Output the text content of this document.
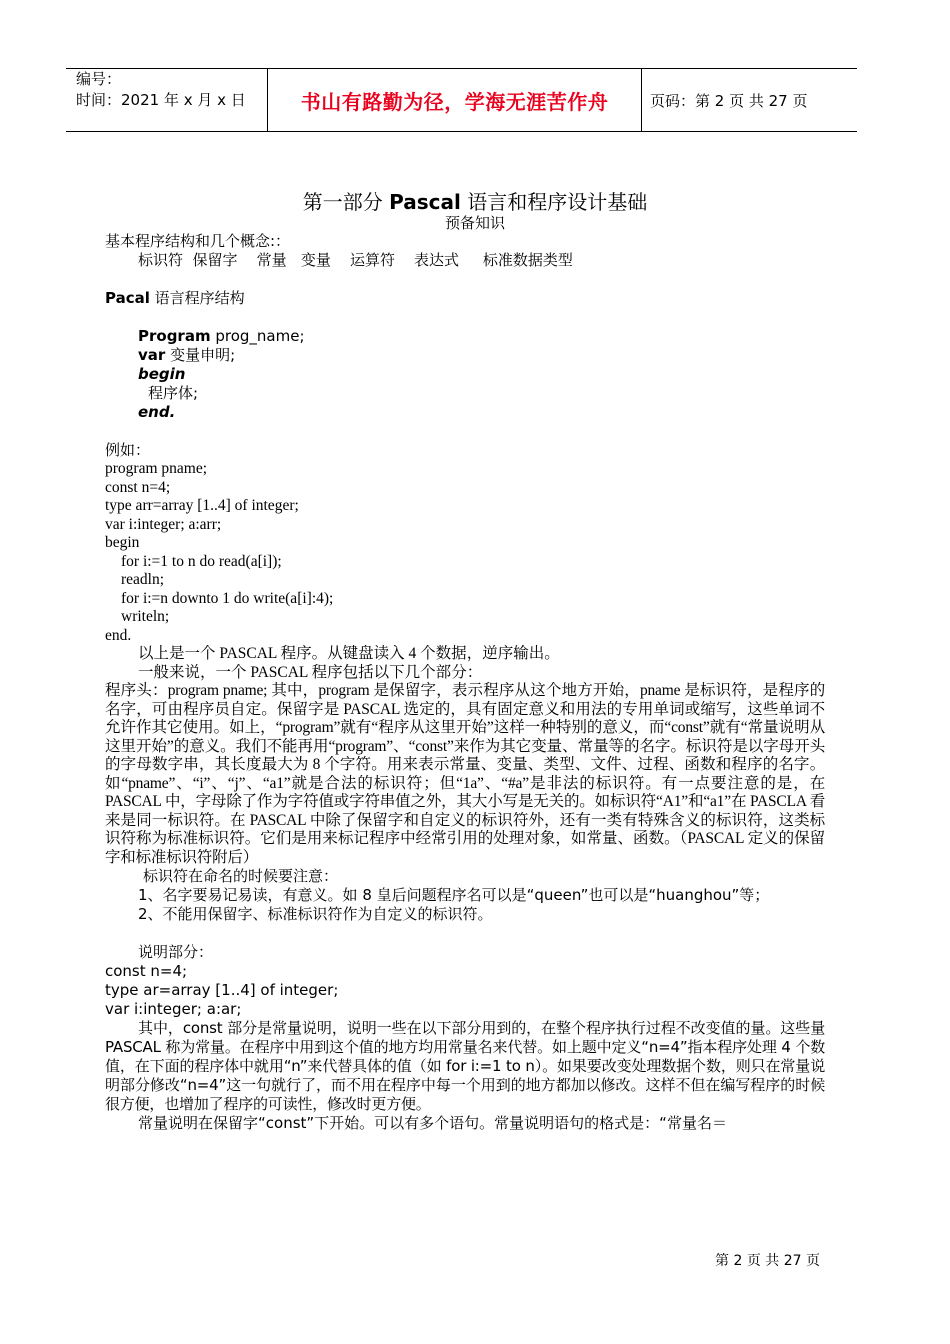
编号：
时间：2021 年 x 月 x 日	书山有路勤为径，学海无涯苦作舟	页码：第 2 页 共 27 页
第一部分 Pascal 语言和程序设计基础
预备知识

基本程序结构和几个概念:：

标识符  保留字    常量   变量    运算符    表达式     标准数据类型

Pacal 语言程序结构

Program prog_name;

var 变量申明;

begin

程序体;

end.

例如：

program pname;
const n=4;
type arr=array [1..4] of integer;
var i:integer; a:arr;
begin
for i:=1 to n do read(a[i]);
readln;
for i:=n downto 1 do write(a[i]:4);
writeln;
end.

以上是一个 PASCAL 程序。从键盘读入 4 个数据，逆序输出。

一般来说，一个 PASCAL 程序包括以下几个部分：

程序头：program pname; 其中，program 是保留字，表示程序从这个地方开始，pname 是标识符，是程序的名字，可由程序员自定。保留字是 PASCAL 选定的，具有固定意义和用法的专用单词或缩写，这些单词不允许作其它使用。如上，“program”就有“程序从这里开始”这样一种特别的意义，而“const”就有“常量说明从这里开始”的意义。我们不能再用“program”、“const”来作为其它变量、常量等的名字。标识符是以字母开头的字母数字串，其长度最大为 8 个字符。用来表示常量、变量、类型、文件、过程、函数和程序的名字。如“pname”、“i”、“j”、“a1”就是合法的标识符；但“1a”、“#a”是非法的标识符。有一点要注意的是，在 PASCAL 中，字母除了作为字符值或字符串值之外，其大小写是无关的。如标识符“A1”和“a1”在 PASCLA 看来是同一标识符。在 PASCAL 中除了保留字和自定义的标识符外，还有一类有特殊含义的标识符，这类标识符称为标准标识符。它们是用来标记程序中经常引用的处理对象，如常量、函数。（PASCAL 定义的保留字和标准标识符附后）

标识符在命名的时候要注意：

1、名字要易记易读，有意义。如 8 皇后问题程序名可以是“queen”也可以是“huanghou”等；

2、不能用保留字、标准标识符作为自定义的标识符。

说明部分：

const n=4;

type ar=array [1..4] of integer;

var i:integer; a:ar;

其中，const 部分是常量说明，说明一些在以下部分用到的，在整个程序执行过程不改变值的量。这些量 PASCAL 称为常量。在程序中用到这个值的地方均用常量名来代替。如上题中定义“n=4”指本程序处理 4 个数值，在下面的程序体中就用“n”来代替具体的值（如 for i:=1 to n）。如果要改变处理数据个数，则只在常量说明部分修改“n=4”这一句就行了，而不用在程序中每一个用到的地方都加以修改。这样不但在编写程序的时候很方便，也增加了程序的可读性，修改时更方便。

常量说明在保留字“const”下开始。可以有多个语句。常量说明语句的格式是：“常量名＝

第 2 页 共 27 页
